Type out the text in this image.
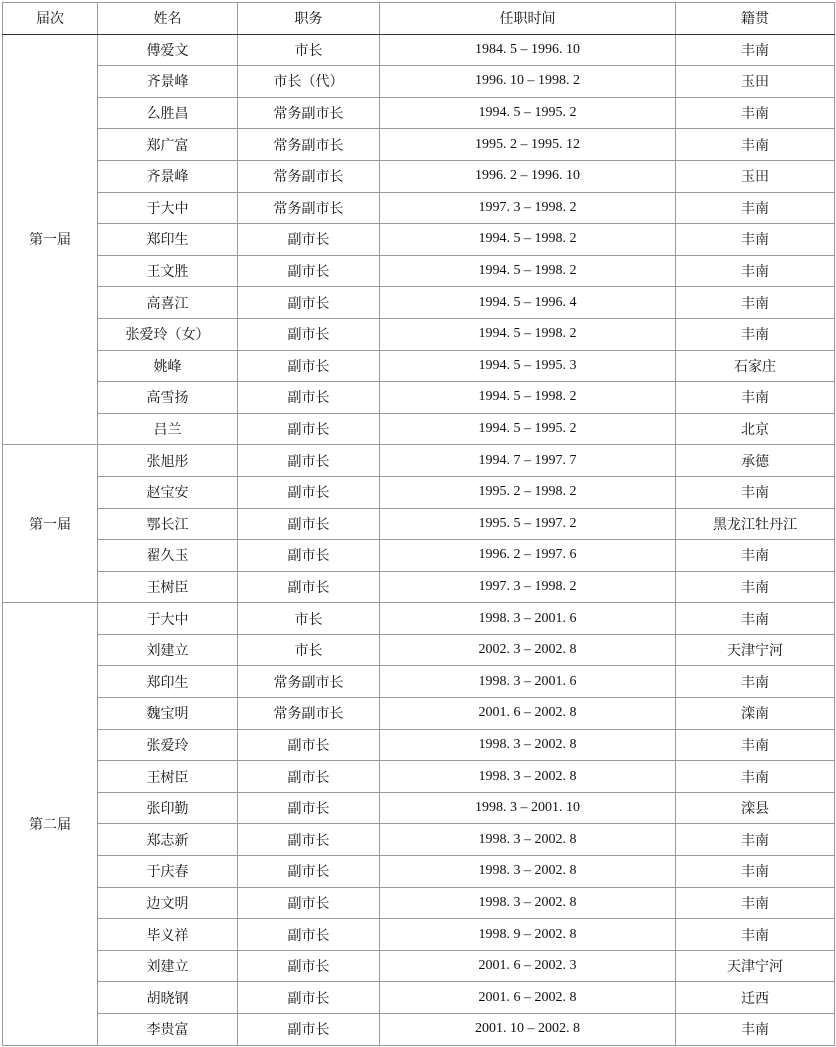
届次	姓名	职务	任职时间	籍贯
第一届	傅爱文	市长	1984. 5 – 1996. 10	丰南
	齐景峰	市长（代）	1996. 10 – 1998. 2	玉田
	么胜昌	常务副市长	1994. 5 – 1995. 2	丰南
	郑广富	常务副市长	1995. 2 – 1995. 12	丰南
	齐景峰	常务副市长	1996. 2 – 1996. 10	玉田
	于大中	常务副市长	1997. 3 – 1998. 2	丰南
	郑印生	副市长	1994. 5 – 1998. 2	丰南
	王文胜	副市长	1994. 5 – 1998. 2	丰南
	高喜江	副市长	1994. 5 – 1996. 4	丰南
	张爱玲（女）	副市长	1994. 5 – 1998. 2	丰南
	姚峰	副市长	1994. 5 – 1995. 3	石家庄
	高雪扬	副市长	1994. 5 – 1998. 2	丰南
	吕兰	副市长	1994. 5 – 1995. 2	北京
第一届	张旭彤	副市长	1994. 7 – 1997. 7	承德
	赵宝安	副市长	1995. 2 – 1998. 2	丰南
	鄂长江	副市长	1995. 5 – 1997. 2	黑龙江牡丹江
	翟久玉	副市长	1996. 2 – 1997. 6	丰南
	王树臣	副市长	1997. 3 – 1998. 2	丰南
第二届	于大中	市长	1998. 3 – 2001. 6	丰南
	刘建立	市长	2002. 3 – 2002. 8	天津宁河
	郑印生	常务副市长	1998. 3 – 2001. 6	丰南
	魏宝明	常务副市长	2001. 6 – 2002. 8	滦南
	张爱玲	副市长	1998. 3 – 2002. 8	丰南
	王树臣	副市长	1998. 3 – 2002. 8	丰南
	张印勤	副市长	1998. 3 – 2001. 10	滦县
	郑志新	副市长	1998. 3 – 2002. 8	丰南
	于庆春	副市长	1998. 3 – 2002. 8	丰南
	边文明	副市长	1998. 3 – 2002. 8	丰南
	毕义祥	副市长	1998. 9 – 2002. 8	丰南
	刘建立	副市长	2001. 6 – 2002. 3	天津宁河
	胡晓钢	副市长	2001. 6 – 2002. 8	迁西
	李贵富	副市长	2001. 10 – 2002. 8	丰南
